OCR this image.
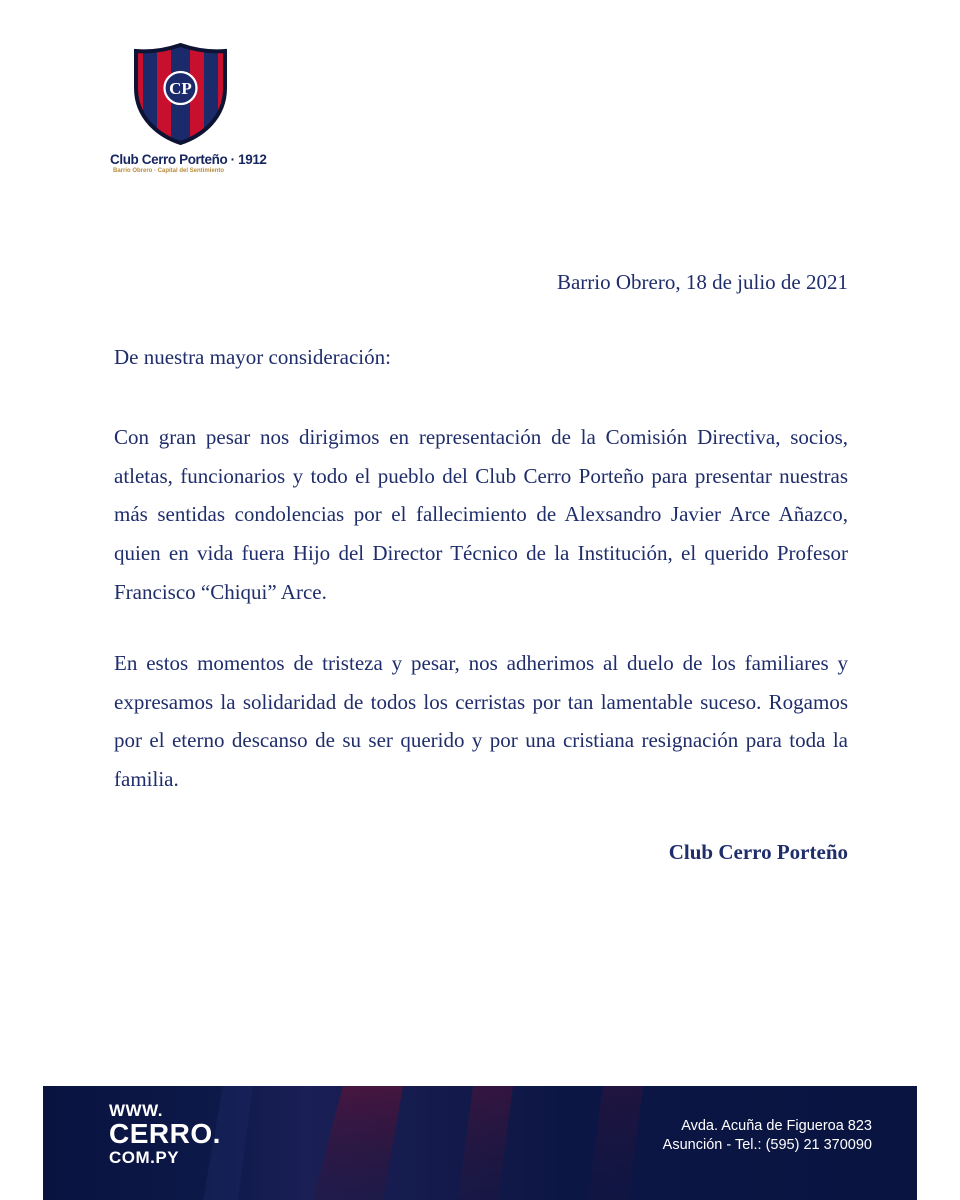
CP
Club Cerro Porteño · 1912
Barrio Obrero · Capital del Sentimiento
Barrio Obrero, 18 de julio de 2021
De nuestra mayor consideración:

Con gran pesar nos dirigimos en representación de la Comisión Directiva, socios, atletas, funcionarios y todo el pueblo del Club Cerro Porteño para presentar nuestras más sentidas condolencias por el fallecimiento de Alexsandro Javier Arce Añazco, quien en vida fuera Hijo del Director Técnico de la Institución, el querido Profesor Francisco “Chiqui” Arce.

En estos momentos de tristeza y pesar, nos adherimos al duelo de los familiares y expresamos la solidaridad de todos los cerristas por tan lamentable suceso. Rogamos por el eterno descanso de su ser querido y por una cristiana resignación para toda la familia.

Club Cerro Porteño
WWW.
CERRO.
COM.PY
Avda. Acuña de Figueroa 823
Asunción - Tel.: (595) 21 370090
